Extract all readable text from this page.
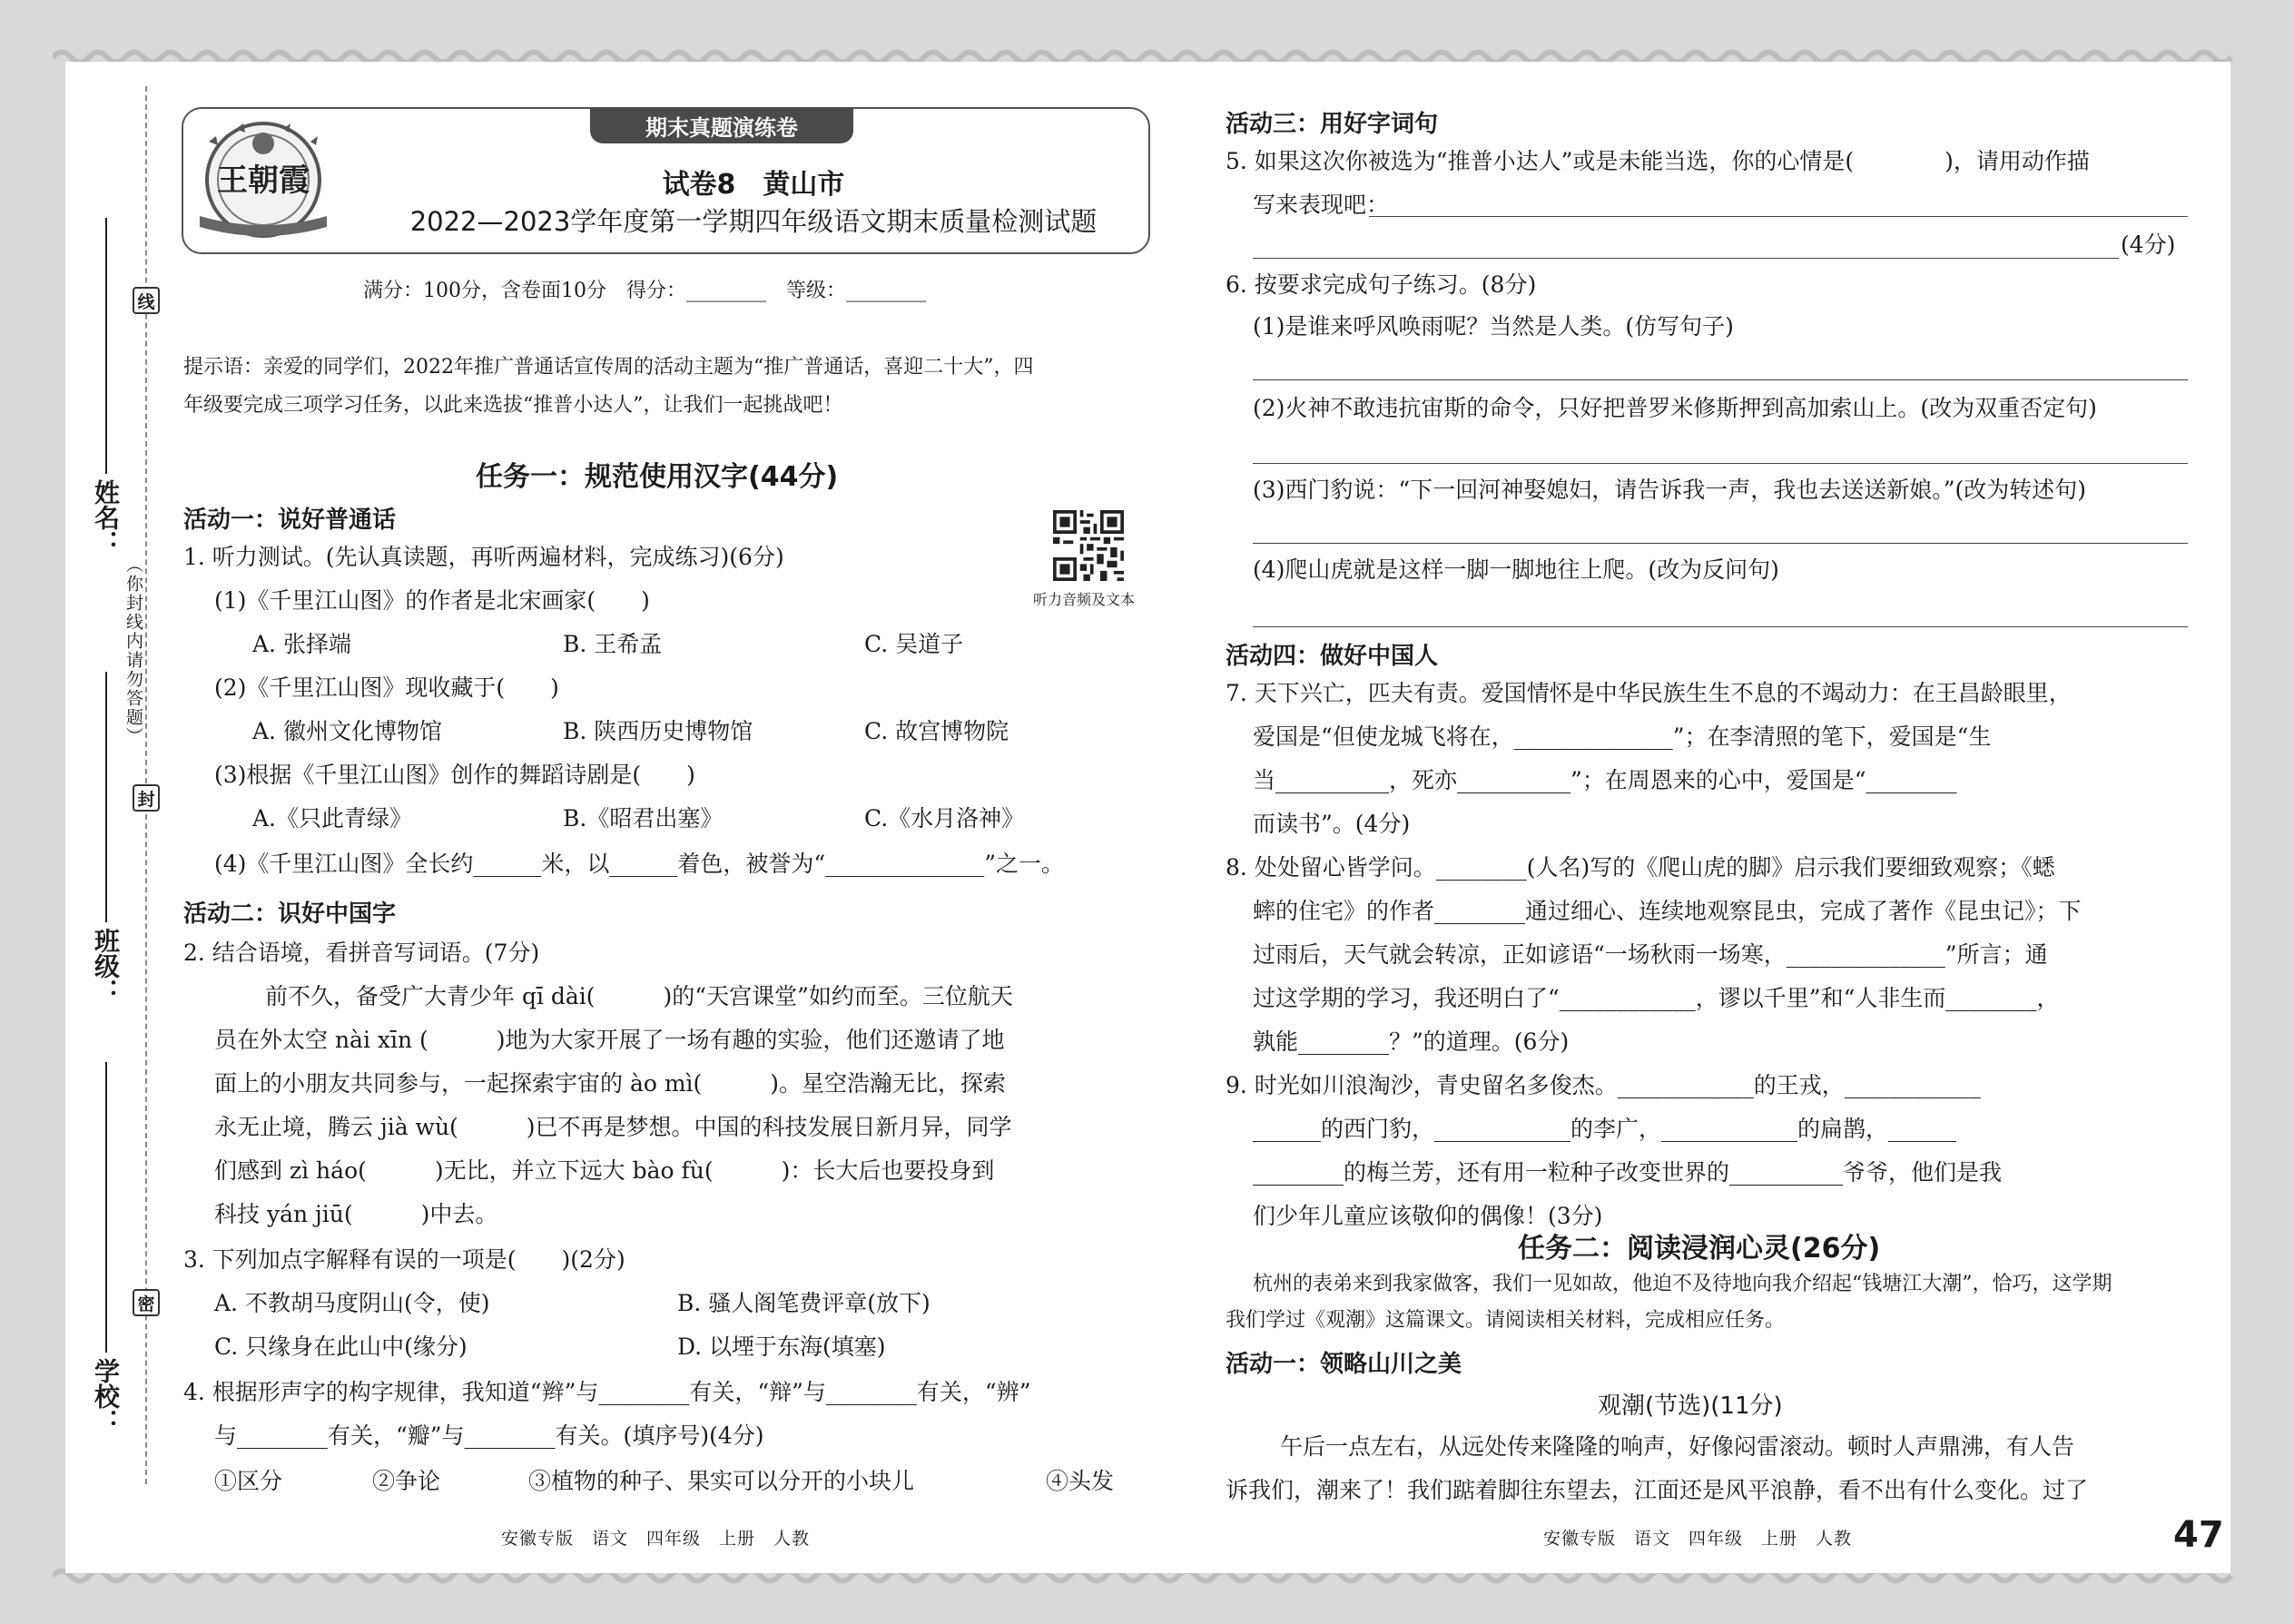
线
封
密
（你封线内请勿答题）
姓名：
班级：
学校：
期末真题演练卷
王朝霞	试卷8　黄山市
2022—2023学年度第一学期四年级语文期末质量检测试题
满分：100分，含卷面10分　得分：________　等级：________
提示语：亲爱的同学们，2022年推广普通话宣传周的活动主题为“推广普通话，喜迎二十大”，四
年级要完成三项学习任务，以此来选拔“推普小达人”，让我们一起挑战吧！
任务一：规范使用汉字(44分)
活动一：说好普通话
1. 听力测试。(先认真读题，再听两遍材料，完成练习)(6分)
听力音频及文本
(1)《千里江山图》的作者是北宋画家(　　)
A. 张择端	B. 王希孟	C. 吴道子
(2)《千里江山图》现收藏于(　　)
A. 徽州文化博物馆	B. 陕西历史博物馆	C. 故宫博物院
(3)根据《千里江山图》创作的舞蹈诗剧是(　　)
A.《只此青绿》	B.《昭君出塞》	C.《水月洛神》
(4)《千里江山图》全长约______米，以______着色，被誉为“______________”之一。
活动二：识好中国字
2. 结合语境，看拼音写词语。(7分)
前不久，备受广大青少年 qī dài(　　　)的“天宫课堂”如约而至。三位航天
员在外太空 nài xīn (　　　)地为大家开展了一场有趣的实验，他们还邀请了地
面上的小朋友共同参与，一起探索宇宙的 ào mì(　　　)。星空浩瀚无比，探索
永无止境，腾云 jià wù(　　　)已不再是梦想。中国的科技发展日新月异，同学
们感到 zì háo(　　　)无比，并立下远大 bào fù(　　　)：长大后也要投身到
科技 yán jiū(　　　)中去。
3. 下列加点字解释有误的一项是(　　)(2分)
A. 不教胡马度阴山(令，使)	B. 骚人阁笔费评章(放下)
C. 只缘身在此山中(缘分)	D. 以堙于东海(填塞)
4. 根据形声字的构字规律，我知道“辫”与________有关，“辩”与________有关，“辨”
与________有关，“瓣”与________有关。(填序号)(4分)
①区分	②争论	③植物的种子、果实可以分开的小块儿	④头发
安徽专版　语文　四年级　上册　人教
活动三：用好字词句
5. 如果这次你被选为“推普小达人”或是未能当选，你的心情是(　　　　)，请用动作描
写来表现吧：
(4分)
6. 按要求完成句子练习。(8分)
(1)是谁来呼风唤雨呢？当然是人类。(仿写句子)
(2)火神不敢违抗宙斯的命令，只好把普罗米修斯押到高加索山上。(改为双重否定句)
(3)西门豹说：“下一回河神娶媳妇，请告诉我一声，我也去送送新娘。”(改为转述句)
(4)爬山虎就是这样一脚一脚地往上爬。(改为反问句)
活动四：做好中国人
7. 天下兴亡，匹夫有责。爱国情怀是中华民族生生不息的不竭动力：在王昌龄眼里，
爱国是“但使龙城飞将在，______________”；在李清照的笔下，爱国是“生
当__________，死亦__________”；在周恩来的心中，爱国是“________
而读书”。(4分)
8. 处处留心皆学问。________(人名)写的《爬山虎的脚》启示我们要细致观察；《蟋
蟀的住宅》的作者________通过细心、连续地观察昆虫，完成了著作《昆虫记》；下
过雨后，天气就会转凉，正如谚语“一场秋雨一场寒，______________”所言；通
过这学期的学习，我还明白了“____________，谬以千里”和“人非生而________，
孰能________？”的道理。(6分)
9. 时光如川浪淘沙，青史留名多俊杰。____________的王戎，____________
______的西门豹，____________的李广，____________的扁鹊，______
________的梅兰芳，还有用一粒种子改变世界的__________爷爷，他们是我
们少年儿童应该敬仰的偶像！(3分)
任务二：阅读浸润心灵(26分)
杭州的表弟来到我家做客，我们一见如故，他迫不及待地向我介绍起“钱塘江大潮”，恰巧，这学期
我们学过《观潮》这篇课文。请阅读相关材料，完成相应任务。
活动一：领略山川之美
观潮(节选)(11分)
午后一点左右，从远处传来隆隆的响声，好像闷雷滚动。顿时人声鼎沸，有人告
诉我们，潮来了！我们踮着脚往东望去，江面还是风平浪静，看不出有什么变化。过了
安徽专版　语文　四年级　上册　人教	47
